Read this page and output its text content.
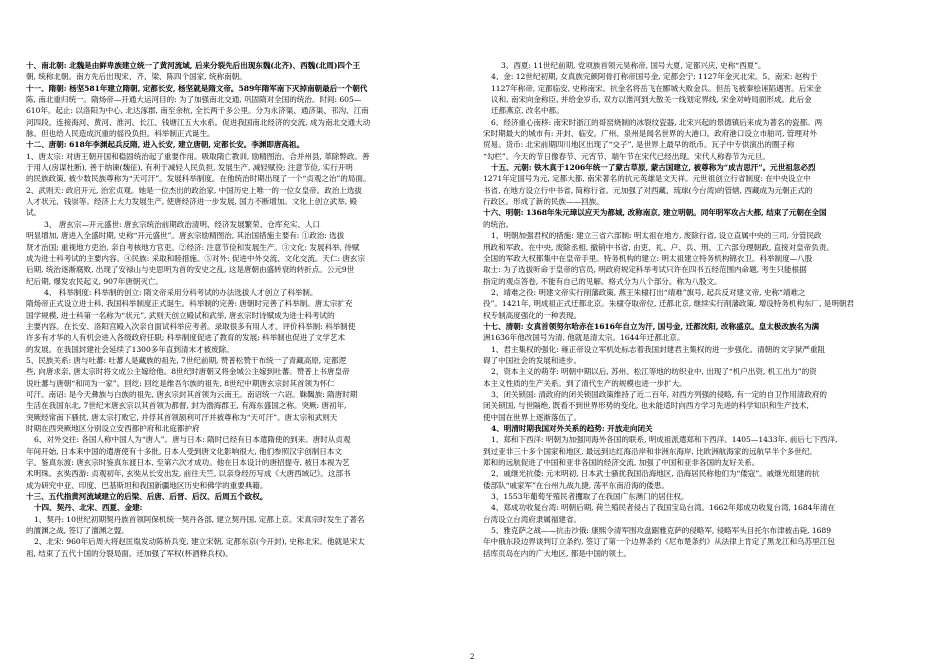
十、南北朝: 北魏是由鲜卑族建立统一了黄河流域, 后来分裂先后出现东魏(北齐)、西魏(北周)四个王

朝, 统称北朝。南方先后出现宋、齐、梁、陈四个国家, 统称南朝。

十一、隋朝: 杨坚581年建立隋朝, 定都长安, 杨坚就是隋文帝。589年隋军南下灭掉南朝最后一个朝代

陈, 南北重归统一。隋炀帝—开通大运河目的: 为了加强南北交通, 巩固隋对全国的统治。时间: 605—

610年。起止: 以洛阳为中心, 北达涿郡, 南至余杭, 全长两千多公里。分为永济渠、通济渠、邗沟、江南

河四段。连接海河、黄河、淮河、长江、钱塘江五大水系。促进我国南北经济的交流, 成为南北交通大动

脉。但也给人民造成沉重的徭役负担。科举制正式诞生。

十二、唐朝: 618年李渊起兵反隋, 进入长安, 建立唐朝, 定都长安。李渊即唐高祖。

1、唐太宗: 对唐王朝开国和稳固统治起了重要作用。吸取隋亡教训, 励精图治。合并州县, 革除弊政。善

于用人(房谋杜断), 善于纳谏(魏征), 有利于减轻人民负担, 发展生产, 减轻赋役; 注意节俭, 实行开明

的民族政策, 被少数民族尊称为“天可汗”。发展科举制度。在他统治时期出现了一个“贞观之治”的局面。

2、武则天: 政启开元, 治宏贞观。她是一位杰出的政治家, 中国历史上唯一的一位女皇帝。政治上选拔

人才状元、钱崇等。经济上大力发展生产, 使唐经济进一步发展, 国力不断增加。文化上创立武举, 殿

试。

3、 唐玄宗—开元盛世: 唐玄宗统治前期政治清明、经济发展繁荣、仓库充实、人口

明显增加, 唐进入全盛时期, 史称“开元盛世”。唐玄宗励精图治, 其治国措施主要有: ①政治: 选拔

贤才治国; 重视地方吏治, 亲自考核地方官吏。②经济: 注意节俭和发展生产。③文化: 发展科举, 待赋

成为进士科考试的主要内容。④民族: 采取和睦措施。⑤对外: 促进中外交流、文化交流。天仁: 唐玄宗

后期, 统治逐渐腐败, 出现了安禄山与史思明为首的安史之乱, 这是唐朝由盛转衰的转折点。公元9世

纪后期, 爆发农民起义, 907年唐朝灭亡。

4、 科举制度: 科举制的创立: 隋文帝采用分科考试的办法选拔人才创立了科举制。

隋炀帝正式设立进士科, 我国科举制度正式诞生。科举制的完善: 唐朝时完善了科举制。唐太宗扩充

国学规模, 进士科第一名称为“状元”, 武则天创立殿试和武举, 唐玄宗时诗赋成为进士科考试的

主要内容。在长安、洛阳宫殿入次亲自面试科举应考者。录取很多有用人才。评价科举制: 科举制使

许多有才华的人有机会进入各级政府任职; 科举制度促进了教育的发展; 科举制也促进了文学艺术

的发展。在我国封建社会延续了1300多年直到清末才被废除。

5、民族关系: 唐与吐蕃: 吐蕃人是藏族的祖先, 7世纪前期, 赞普松赞干布统一了青藏高原, 定都逻

些, 向唐求亲, 唐太宗时将文成公主嫁给他。8世纪时唐朝又将金城公主嫁到吐蕃。赞普上书唐皇帝

说吐蕃与唐朝“和同为一家”。回纥: 回纥是维吾尔族的祖先, 8世纪中期唐玄宗封其首领为怀仁

可汗。南诏: 是今天彝族与白族的祖先, 唐玄宗封其首领为云南王。南诏统一六诏。靺鞨族: 隋唐时期

生活在我国东北, 7世纪末唐玄宗以其首领为都督, 封为渤海郡王, 有海东盛国之称。突厥: 唐初年,

突厥经常南下骚扰, 唐太宗打败它, 并俘其首领颉利可汗并被尊称为“天可汗”。唐太宗和武则天

时期在西突厥地区分别设立安西都护府和北庭都护府

6、对外交往: 各国人称中国人为“唐人”。唐与日本: 隋时已经有日本遣隋使的到来。唐时从贞观

年间开始, 日本来中国的遣唐使有十多批, 日本人受到唐文化影响很大, 他们参照汉字创制日本文

字。鉴真东渡: 唐玄宗时鉴真东渡日本, 至第六次才成功。他在日本设计的唐招提寺, 被日本视为艺

术明珠。玄奘西游: 贞观初年, 玄奘从长安出发, 前往天竺, 以亲身经历写成《大唐西域记》。这部书

成为研究中亚、印度、巴基斯坦和我国新疆地区历史和佛学的重要典籍。

十三、五代指黄河流域建立的后梁、后唐、后晋、后汉、后周五个政权。

十四、契丹、北宋、西夏、金建:

1、契丹: 10世纪初期契丹族首领阿保机统一契丹各部, 建立契丹国, 定都上京。宋真宗时发生了著名

的澶渊之战, 签订了澶渊之盟。

2、北宋: 960年后周大将赵匡胤发动陈桥兵变, 建立宋朝, 定都东京(今开封), 史称北宋。他就是宋太

祖, 结束了五代十国的分裂局面。还加强了军权(杯酒释兵权)。

3、西夏: 11世纪前期, 党项族首领元昊称帝, 国号大夏, 定都兴庆, 史称“西夏”。

4、金: 12世纪初期, 女真族完颜阿骨打称帝国号金, 定都会宁; 1127年金灭北宋。5、南宋: 赵构于

1127年称帝, 定都临安, 史称南宋。抗金名将岳飞在郾城大败金兵。但岳飞被秦桧诬陷遇害。后宋金

议和, 南宋向金称臣, 并给金岁币, 双方以淮河到大散关一线划定界线, 宋金对峙局面形成。此后金

迁都燕京, 改名中都。

6、经济重心南移: 南宋时浙江的哥窑烧制的冰裂纹瓷器, 北宋兴起的景德镇后来成为著名的瓷都。两

宋时期最大的城市有: 开封、临安。广州、泉州是闻名世界的大港口。政府港口设立市舶司, 管理对外

贸易。货币: 北宋前期四川地区出现了“交子”, 是世界上最早的纸币。瓦子中专供演出的圈子称

“勾栏”。今天的节日像春节、元宵节、端午节在宋代已经出现。宋代人称春节为元旦。

十五、元朝: 铁木真于1206年统一了蒙古草原, 蒙古国建立, 被尊称为“成吉思汗”。元世祖忽必烈

1271年定国号为元, 定都大都, 南宋著名的抗元英雄是文天祥。元世祖创立行省制度: 在中央设立中

书省, 在地方设立行中书省, 简称行省。元加强了对西藏、琉球(今台湾)的管辖, 西藏成为元朝正式的

行政区。形成了新的民族——回族。

十六、明朝: 1368年朱元璋以应天为都城, 改称南京, 建立明朝。同年明军攻占大都, 结束了元朝在全国

的统治。

1、明朝加强君权的措施: 建立三省六部制: 明太祖在地方, 废除行省, 设立直属中央的三司, 分管民政

刑政和军政。在中央, 废除丞相, 撤销中书省, 由吏、礼、户、兵、刑、工六部分理朝政, 直接对皇帝负责。

全国的军政大权都集中在皇帝手里。特务机构的建立: 明太祖建立特务机构锦衣卫。科举制度—八股

取士: 为了选拔听命于皇帝的官员, 明政府规定科举考试只许在四书五经范围内命题, 考生只能根据

指定的观点答卷, 不能有自己的见解。格式分为八个部分。称为八股文。

2、靖难之役: 明建文帝实行削藩政策, 燕王朱棣打出“靖难”旗号, 起兵反对建文帝, 史称“靖难之

役”。1421年, 明成祖正式迁都北京。朱棣夺取帝位, 迁都北京, 继续实行削藩政策, 增设特务机构东厂, 是明朝君

权专制高度强化的一种表现。

十七、清朝: 女真首领努尔哈赤在1616年自立为汗, 国号金, 迁都沈阳, 改称盛京。皇太极改族名为满

洲1636年他改国号为清, 他就是清太宗。1644年迁都北京。

1、君主集权的强化: 雍正帝设立军机处标志着我国封建君主集权的进一步强化。清朝的文字狱严重阻

碍了中国社会的发展和进步。

2、资本主义的萌芽: 明朝中期以后, 苏州、松江等地的纺织业中, 出现了“机户出资, 机工出力”的资

本主义性质的生产关系。到了清代生产的规模也进一步扩大。

3、闭关锁国: 清政府的闭关锁国政策维持了近二百年, 对西方列强的侵略, 有一定的自卫作用清政府的

闭关锁国, 与世隔绝, 既看不到世界形势的变化, 也未能适时向西方学习先进的科学知识和生产技术,

使中国在世界上逐渐落伍了。

4、明清时期我国对外关系的趋势: 开放走向闭关

1、郑和下西洋: 明朝为加强同海外各国的联系, 明成祖派遣郑和下西洋。1405—1433年, 前后七下西洋,

到过亚非三十多个国家和地区, 最远到达红海沿岸和非洲东海岸, 比欧洲航海家的远航早半个多世纪。

郑和的远航促进了中国和亚非各国的经济交流, 加强了中国和亚非各国的友好关系。

2、戚继光抗倭: 元末明初, 日本武士骚扰我国沿海地区, 沿海居民称他们为“倭寇”。戚继光组建的抗

倭部队“戚家军”在台州九战九捷, 荡平东南沿海的倭患。

3、1553年葡萄牙殖民者攫取了在我国广东澳门的居住权。

4、郑成功收复台湾: 明朝后期, 荷兰殖民者侵占了我国宝岛台湾。1662年郑成功收复台湾, 1684年清在

台湾设立台湾府隶属福建省。

5、雅克萨之战——抗击沙俄: 康熙令清军围攻盘踞雅克萨的侵略军, 侵略军头目托尔布津被击毙, 1689

年中俄东段边界谈判订立条约, 签订了第一个边界条约《尼布楚条约》从法律上肯定了黑龙江和乌苏里江包

括库页岛在内的广大地区, 都是中国的领土。

2
